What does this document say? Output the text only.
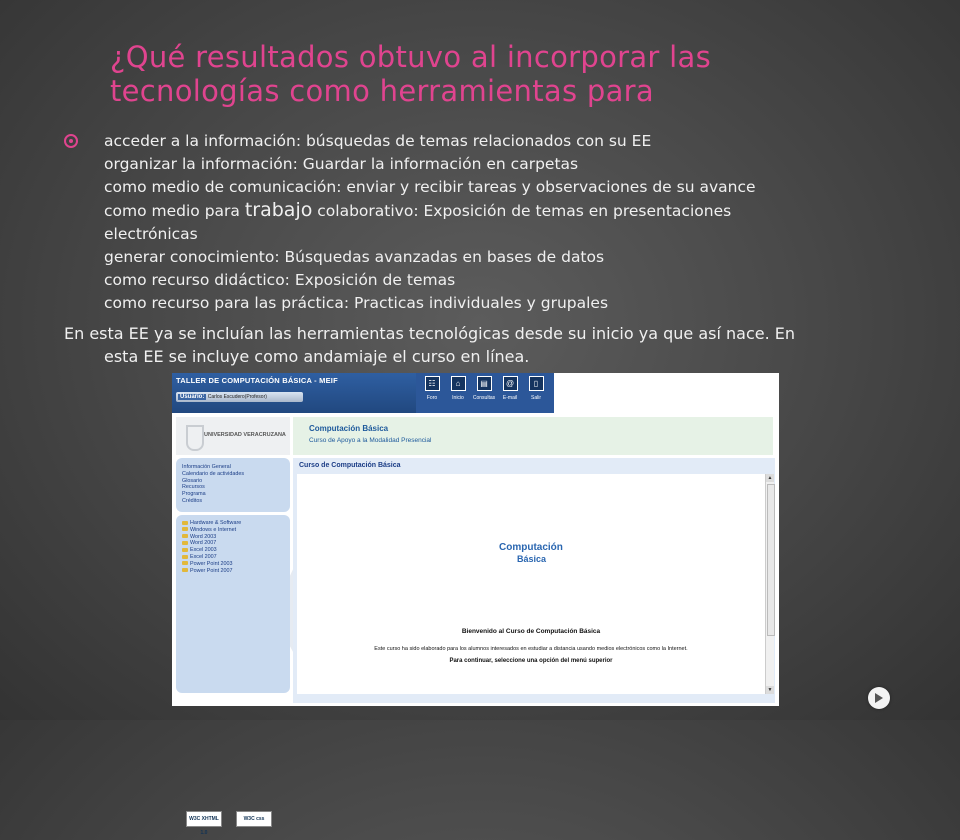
¿Qué resultados obtuvo al incorporar las
tecnologías como herramientas para
acceder a la información: búsquedas de temas relacionados con su EE
organizar la información: Guardar la información en carpetas
como medio de comunicación: enviar y recibir tareas y observaciones de su avance
como medio para trabajo colaborativo: Exposición de temas en presentaciones
electrónicas
generar conocimiento: Búsquedas avanzadas en bases de datos
como recurso didáctico: Exposición de temas
como recurso para las práctica: Practicas individuales y grupales
En esta EE ya se incluían las herramientas tecnológicas desde su inicio ya que así nace. En
esta EE se incluye como andamiaje el curso en línea.
TALLER DE COMPUTACIÓN BÁSICA - MEIF
Usuario: Carlos Escudero(Profesor)
☷
Foro
⌂
Inicio
▤
Consultas
@
E-mail
▯
Salir
UNIVERSIDAD VERACRUZANA
Información General
Calendario de actividades
Glosario
Recursos
Programa
Créditos
Hardware & Software
Windows e Internet
Word 2003
Word 2007
Excel 2003
Excel 2007
Power Point 2003
Power Point 2007
W3C XHTML 1.0
W3C css
Computación Básica
Curso de Apoyo a la Modalidad Presencial
Curso de Computación Básica
Computación
Básica
Bienvenido al Curso de Computación Básica
Este curso ha sido elaborado para los alumnos interesados en estudiar a distancia usando medios electrónicos como la Internet.
Para continuar, seleccione una opción del menú superior
▲
▼
